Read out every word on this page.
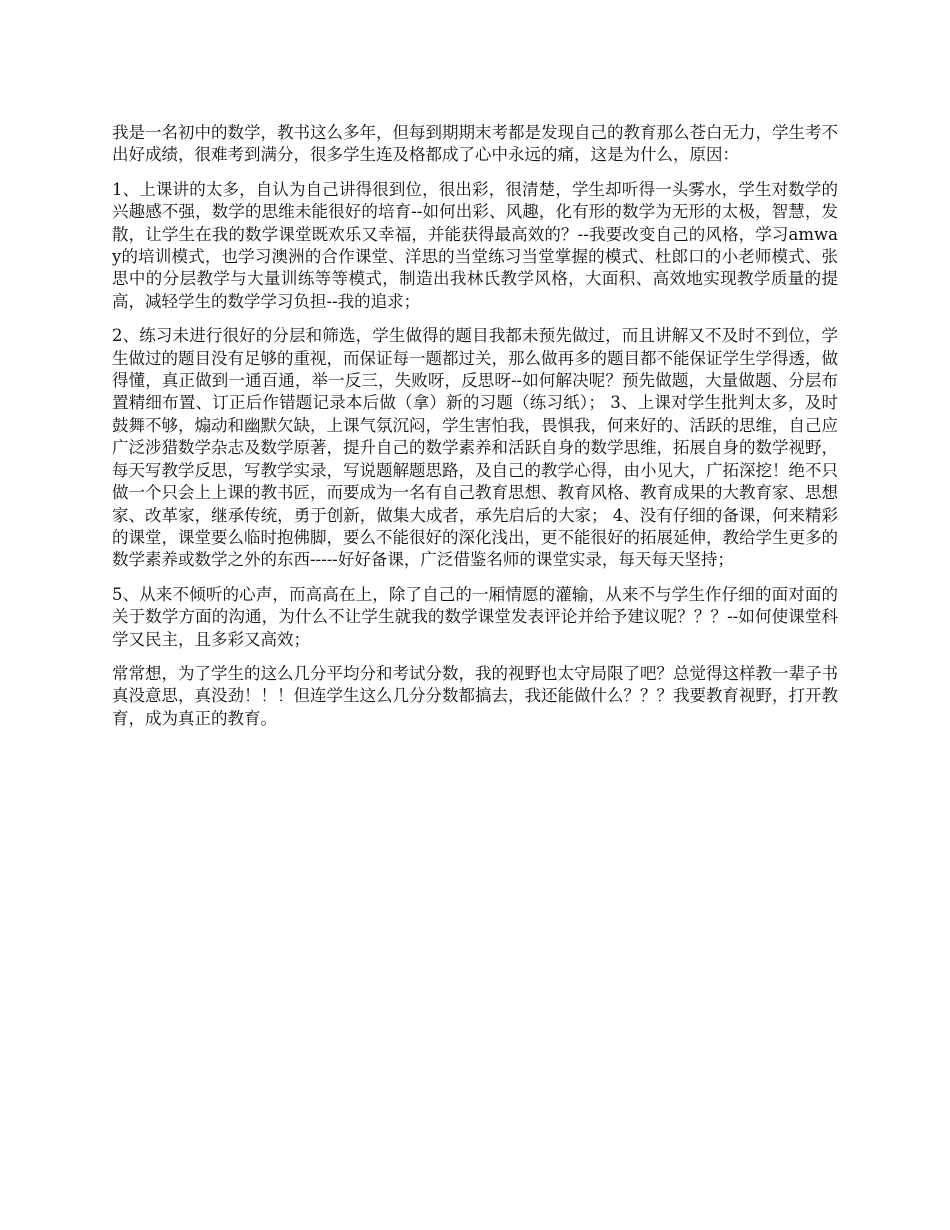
我是一名初中的数学，教书这么多年，但每到期期末考都是发现自己的教育那么苍白无力，学生考不出好成绩，很难考到满分，很多学生连及格都成了心中永远的痛，这是为什么，原因：

1、上课讲的太多，自认为自己讲得很到位，很出彩，很清楚，学生却听得一头雾水，学生对数学的兴趣感不强，数学的思维未能很好的培育--如何出彩、风趣，化有形的数学为无形的太极，智慧，发散，让学生在我的数学课堂既欢乐又幸福，并能获得最高效的？--我要改变自己的风格，学习amway的培训模式，也学习澳洲的合作课堂、洋思的当堂练习当堂掌握的模式、杜郎口的小老师模式、张思中的分层教学与大量训练等等模式，制造出我林氏教学风格，大面积、高效地实现教学质量的提高，减轻学生的数学学习负担--我的追求；

2、练习未进行很好的分层和筛选，学生做得的题目我都未预先做过，而且讲解又不及时不到位，学生做过的题目没有足够的重视，而保证每一题都过关，那么做再多的题目都不能保证学生学得透，做得懂，真正做到一通百通，举一反三，失败呀，反思呀--如何解决呢？预先做题，大量做题、分层布置精细布置、订正后作错题记录本后做（拿）新的习题（练习纸）； 3、上课对学生批判太多，及时鼓舞不够，煽动和幽默欠缺，上课气氛沉闷，学生害怕我，畏惧我，何来好的、活跃的思维，自己应广泛涉猎数学杂志及数学原著，提升自己的数学素养和活跃自身的数学思维，拓展自身的数学视野，每天写教学反思，写教学实录，写说题解题思路，及自己的教学心得，由小见大，广拓深挖！绝不只做一个只会上上课的教书匠，而要成为一名有自己教育思想、教育风格、教育成果的大教育家、思想家、改革家，继承传统，勇于创新，做集大成者，承先启后的大家； 4、没有仔细的备课，何来精彩的课堂，课堂要么临时抱佛脚，要么不能很好的深化浅出，更不能很好的拓展延伸，教给学生更多的数学素养或数学之外的东西-----好好备课，广泛借鉴名师的课堂实录，每天每天坚持；

5、从来不倾听的心声，而高高在上，除了自己的一厢情愿的灌输，从来不与学生作仔细的面对面的关于数学方面的沟通，为什么不让学生就我的数学课堂发表评论并给予建议呢？？？--如何使课堂科学又民主，且多彩又高效；

常常想，为了学生的这么几分平均分和考试分数，我的视野也太守局限了吧？总觉得这样教一辈子书真没意思，真没劲！！！但连学生这么几分分数都搞去，我还能做什么？？？我要教育视野，打开教育，成为真正的教育。
